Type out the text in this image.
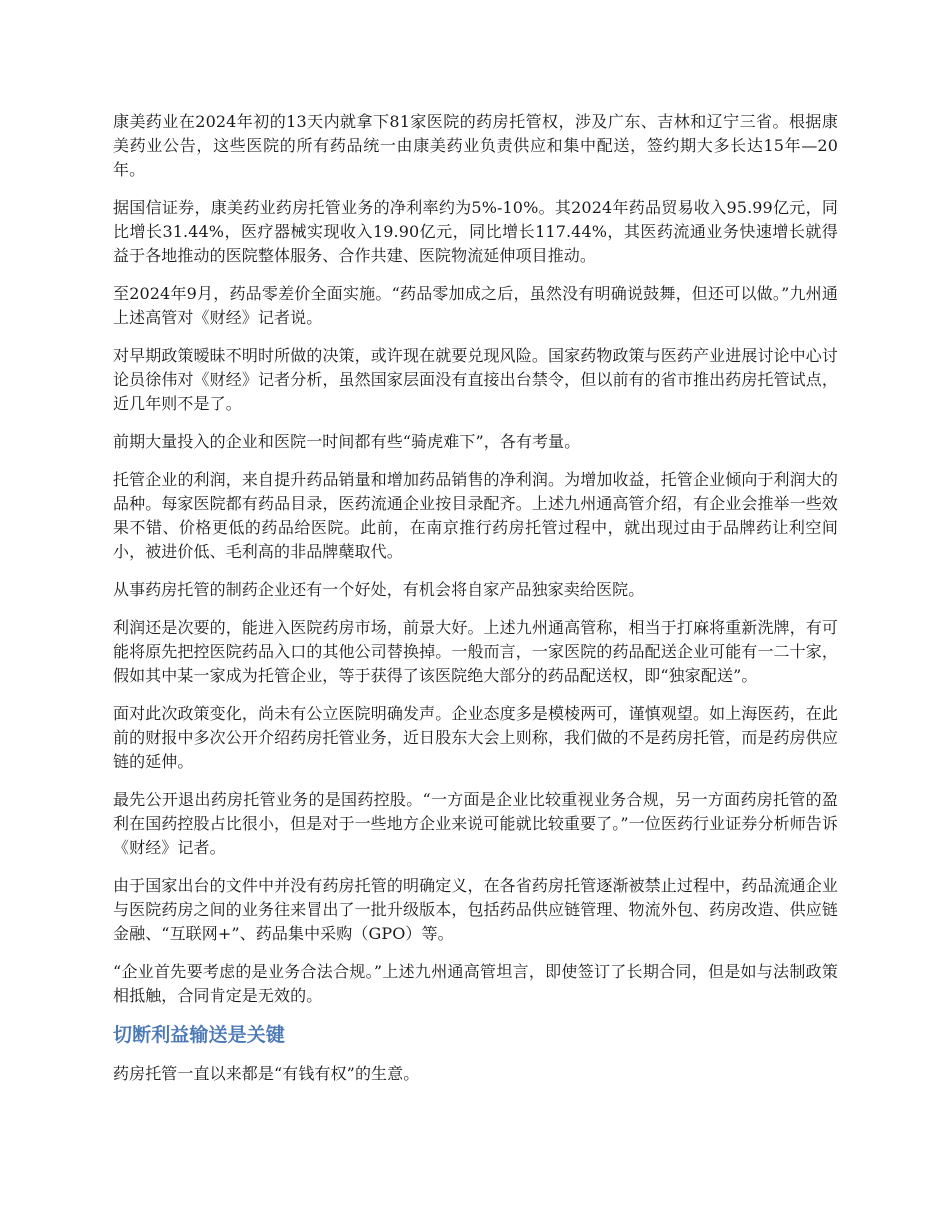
康美药业在2024年初的13天内就拿下81家医院的药房托管权，涉及广东、吉林和辽宁三省。根据康美药业公告，这些医院的所有药品统一由康美药业负责供应和集中配送，签约期大多长达15年—20年。

据国信证券，康美药业药房托管业务的净利率约为5%-10%。其2024年药品贸易收入95.99亿元，同比增长31.44%，医疗器械实现收入19.90亿元，同比增长117.44%，其医药流通业务快速增长就得益于各地推动的医院整体服务、合作共建、医院物流延伸项目推动。

至2024年9月，药品零差价全面实施。“药品零加成之后，虽然没有明确说鼓舞，但还可以做。”九州通上述高管对《财经》记者说。

对早期政策暧昧不明时所做的决策，或许现在就要兑现风险。国家药物政策与医药产业进展讨论中心讨论员徐伟对《财经》记者分析，虽然国家层面没有直接出台禁令，但以前有的省市推出药房托管试点，近几年则不是了。

前期大量投入的企业和医院一时间都有些“骑虎难下”，各有考量。

托管企业的利润，来自提升药品销量和增加药品销售的净利润。为增加收益，托管企业倾向于利润大的品种。每家医院都有药品目录，医药流通企业按目录配齐。上述九州通高管介绍，有企业会推举一些效果不错、价格更低的药品给医院。此前，在南京推行药房托管过程中，就出现过由于品牌药让利空间小，被进价低、毛利高的非品牌蘖取代。

从事药房托管的制药企业还有一个好处，有机会将自家产品独家卖给医院。

利润还是次要的，能进入医院药房市场，前景大好。上述九州通高管称，相当于打麻将重新洗牌，有可能将原先把控医院药品入口的其他公司替换掉。一般而言，一家医院的药品配送企业可能有一二十家，假如其中某一家成为托管企业，等于获得了该医院绝大部分的药品配送权，即“独家配送”。

面对此次政策变化，尚未有公立医院明确发声。企业态度多是模棱两可，谨慎观望。如上海医药，在此前的财报中多次公开介绍药房托管业务，近日股东大会上则称，我们做的不是药房托管，而是药房供应链的延伸。

最先公开退出药房托管业务的是国药控股。“一方面是企业比较重视业务合规，另一方面药房托管的盈利在国药控股占比很小，但是对于一些地方企业来说可能就比较重要了。”一位医药行业证券分析师告诉《财经》记者。

由于国家出台的文件中并没有药房托管的明确定义，在各省药房托管逐渐被禁止过程中，药品流通企业与医院药房之间的业务往来冒出了一批升级版本，包括药品供应链管理、物流外包、药房改造、供应链金融、“互联网+”、药品集中采购（GPO）等。

“企业首先要考虑的是业务合法合规。”上述九州通高管坦言，即使签订了长期合同，但是如与法制政策相抵触，合同肯定是无效的。

切断利益输送是关键

药房托管一直以来都是“有钱有权”的生意。
